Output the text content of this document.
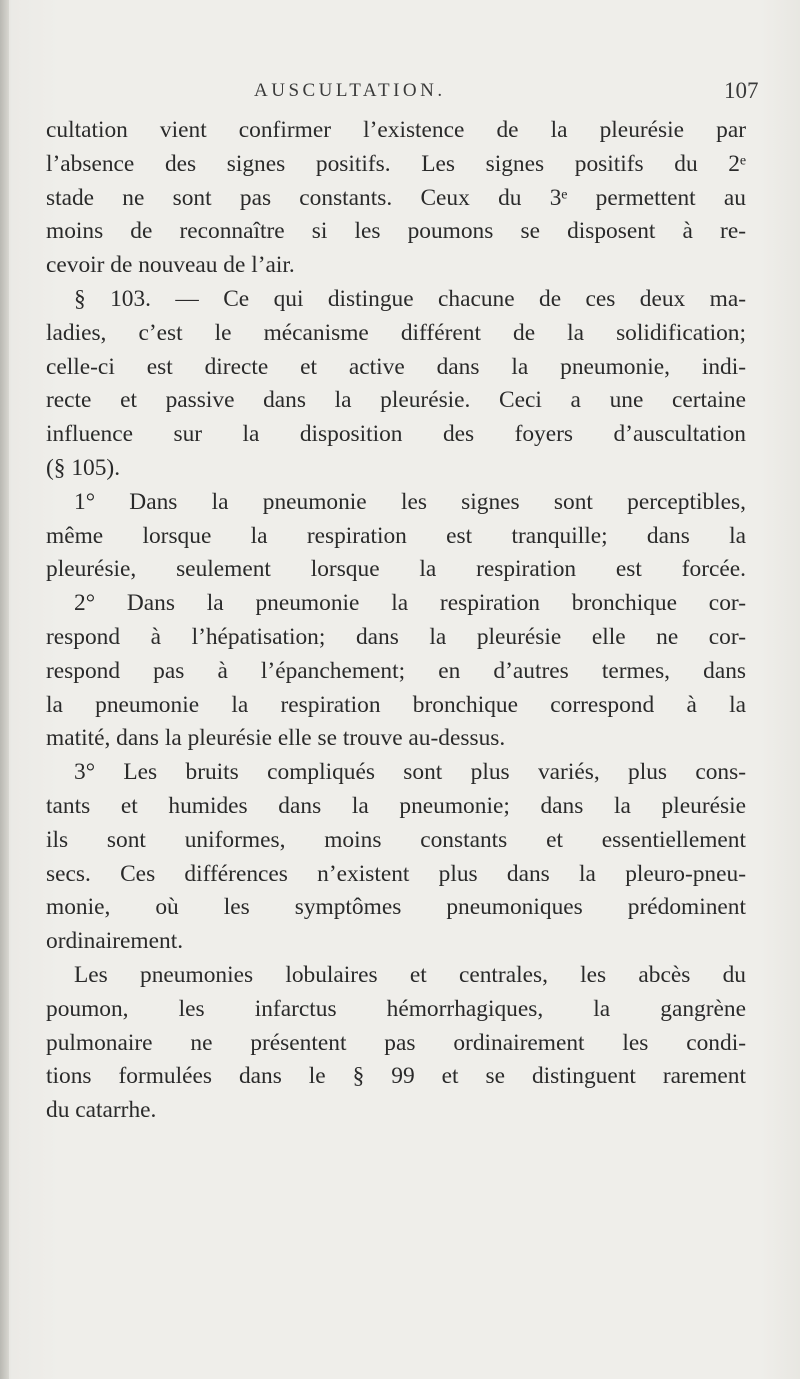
AUSCULTATION.	107
cultation vient confirmer l’existence de la pleurésie par
l’absence des signes positifs. Les signes positifs du 2ᵉ
stade ne sont pas constants. Ceux du 3ᵉ permettent au
moins de reconnaître si les poumons se disposent à re-
cevoir de nouveau de l’air.
§ 103. — Ce qui distingue chacune de ces deux ma-
ladies, c’est le mécanisme différent de la solidification;
celle-ci est directe et active dans la pneumonie, indi-
recte et passive dans la pleurésie. Ceci a une certaine
influence sur la disposition des foyers d’auscultation
(§ 105).
1° Dans la pneumonie les signes sont perceptibles,
même lorsque la respiration est tranquille; dans la
pleurésie, seulement lorsque la respiration est forcée.
2° Dans la pneumonie la respiration bronchique cor-
respond à l’hépatisation; dans la pleurésie elle ne cor-
respond pas à l’épanchement; en d’autres termes, dans
la pneumonie la respiration bronchique correspond à la
matité, dans la pleurésie elle se trouve au-dessus.
3° Les bruits compliqués sont plus variés, plus cons-
tants et humides dans la pneumonie; dans la pleurésie
ils sont uniformes, moins constants et essentiellement
secs. Ces différences n’existent plus dans la pleuro-pneu-
monie, où les symptômes pneumoniques prédominent
ordinairement.
Les pneumonies lobulaires et centrales, les abcès du
poumon, les infarctus hémorrhagiques, la gangrène
pulmonaire ne présentent pas ordinairement les condi-
tions formulées dans le § 99 et se distinguent rarement
du catarrhe.
